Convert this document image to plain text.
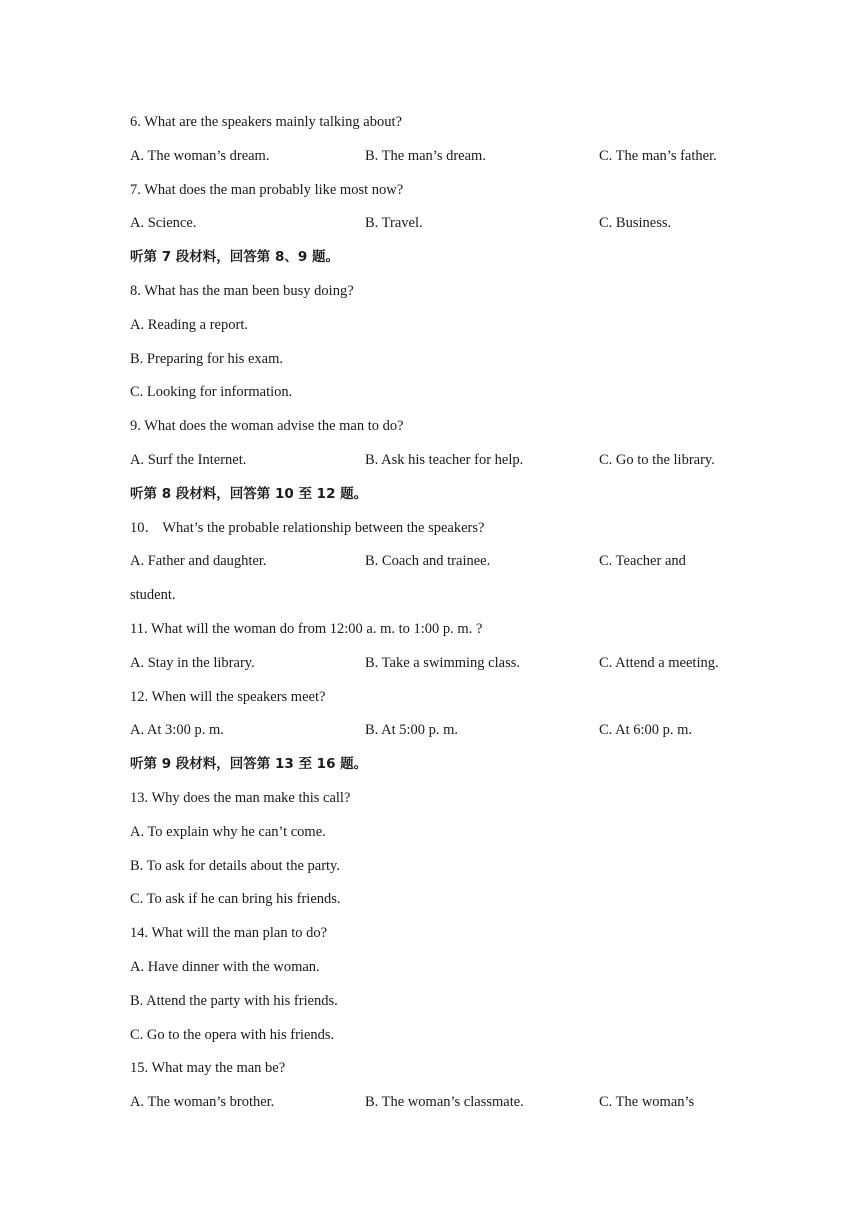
6. What are the speakers mainly talking about?
A. The woman’s dream.	B. The man’s dream.	C. The man’s father.
7. What does the man probably like most now?
A. Science.	B. Travel.	C. Business.
听第 7 段材料，回答第 8、9 题。
8. What has the man been busy doing?
A. Reading a report.
B. Preparing for his exam.
C. Looking for information.
9. What does the woman advise the man to do?
A. Surf the Internet.	B. Ask his teacher for help.	C. Go to the library.
听第 8 段材料，回答第 10 至 12 题。
10． What’s the probable relationship between the speakers?
A. Father and daughter.	B. Coach and trainee.	C. Teacher and
student.
11. What will the woman do from 12:00 a. m. to 1:00 p. m. ?
A. Stay in the library.	B. Take a swimming class.	C. Attend a meeting.
12. When will the speakers meet?
A. At 3:00 p. m.	B. At 5:00 p. m.	C. At 6:00 p. m.
听第 9 段材料，回答第 13 至 16 题。
13. Why does the man make this call?
A. To explain why he can’t come.
B. To ask for details about the party.
C. To ask if he can bring his friends.
14. What will the man plan to do?
A. Have dinner with the woman.
B. Attend the party with his friends.
C. Go to the opera with his friends.
15. What may the man be?
A. The woman’s brother.	B. The woman’s classmate.	C. The woman’s
